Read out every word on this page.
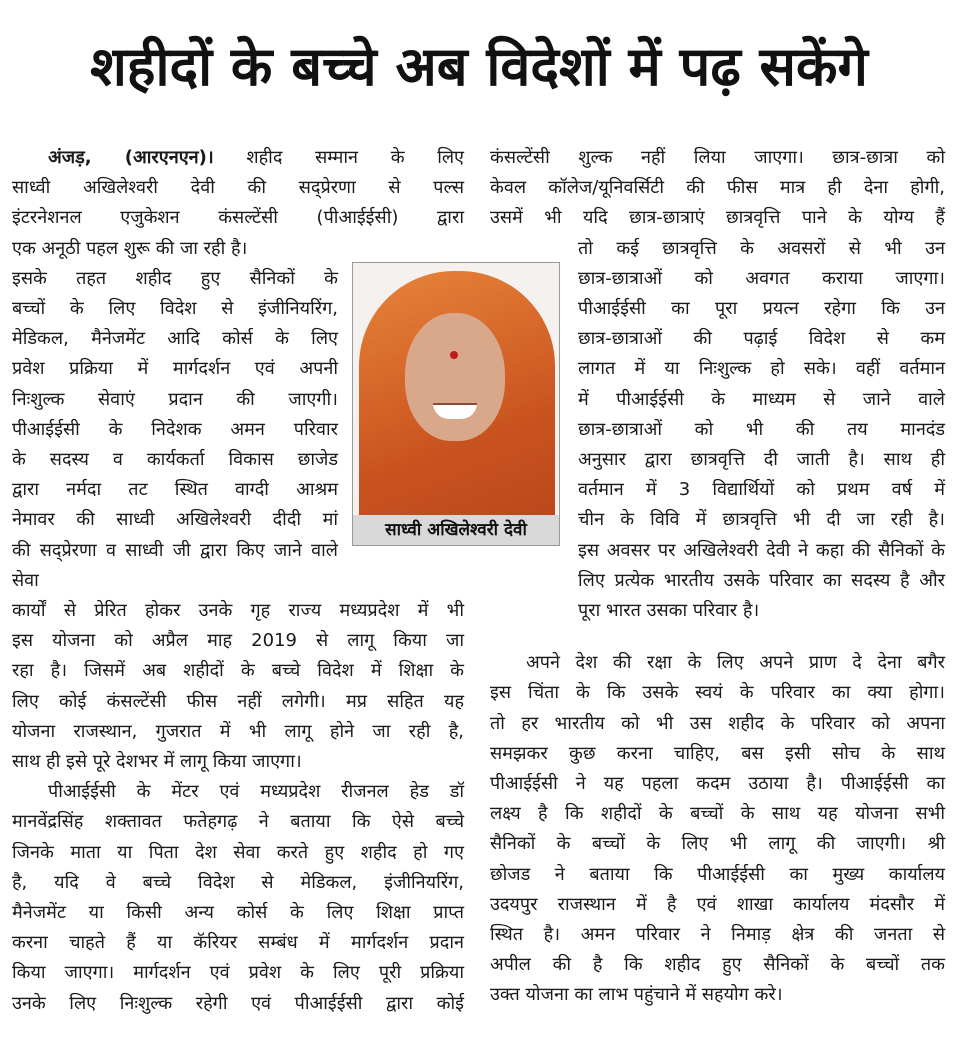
शहीदों के बच्चे अब विदेशों में पढ़ सकेंगे
अंजड़, (आरएनएन)। शहीद सम्मान के लिए
साध्वी अखिलेश्वरी देवी की सद्प्रेरणा से पल्स
इंटरनेशनल एजुकेशन कंसल्टेंसी (पीआईईसी) द्वारा
एक अनूठी पहल शुरू की जा रही है।
इसके तहत शहीद हुए सैनिकों के
बच्चों के लिए विदेश से इंजीनियरिंग,
मेडिकल, मैनेजमेंट आदि कोर्स के लिए
प्रवेश प्रक्रिया में मार्गदर्शन एवं अपनी
निःशुल्क सेवाएं प्रदान की जाएगी।
पीआईईसी के निदेशक अमन परिवार
के सदस्य व कार्यकर्ता विकास छाजेड
द्वारा नर्मदा तट स्थित वाग्दी आश्रम
नेमावर की साध्वी अखिलेश्वरी दीदी मां
की सद्प्रेरणा व साध्वी जी द्वारा किए जाने वाले सेवा
कार्यों से प्रेरित होकर उनके गृह राज्य मध्यप्रदेश में भी
इस योजना को अप्रैल माह 2019 से लागू किया जा
रहा है। जिसमें अब शहीदों के बच्चे विदेश में शिक्षा के
लिए कोई कंसल्टेंसी फीस नहीं लगेगी। मप्र सहित यह
योजना राजस्थान, गुजरात में भी लागू होने जा रही है,
साथ ही इसे पूरे देशभर में लागू किया जाएगा।
पीआईईसी के मेंटर एवं मध्यप्रदेश रीजनल हेड डॉ
मानवेंद्रसिंह शक्तावत फतेहगढ़ ने बताया कि ऐसे बच्चे
जिनके माता या पिता देश सेवा करते हुए शहीद हो गए
है, यदि वे बच्चे विदेश से मेडिकल, इंजीनियरिंग,
मैनेजमेंट या किसी अन्य कोर्स के लिए शिक्षा प्राप्त
करना चाहते हैं या कॅरियर सम्बंध में मार्गदर्शन प्रदान
किया जाएगा। मार्गदर्शन एवं प्रवेश के लिए पूरी प्रक्रिया
उनके लिए निःशुल्क रहेगी एवं पीआईईसी द्वारा कोई
कंसल्टेंसी शुल्क नहीं लिया जाएगा। छात्र-छात्रा को
केवल कॉलेज/यूनिवर्सिटी की फीस मात्र ही देना होगी,
उसमें भी यदि छात्र-छात्राएं छात्रवृत्ति पाने के योग्य हैं
तो कई छात्रवृत्ति के अवसरों से भी उन
छात्र-छात्राओं को अवगत कराया जाएगा।
पीआईईसी का पूरा प्रयत्न रहेगा कि उन
छात्र-छात्राओं की पढ़ाई विदेश से कम
लागत में या निःशुल्क हो सके। वहीं वर्तमान
में पीआईईसी के माध्यम से जाने वाले
छात्र-छात्राओं को भी की तय मानदंड
अनुसार द्वारा छात्रवृत्ति दी जाती है। साथ ही
वर्तमान में 3 विद्यार्थियों को प्रथम वर्ष में
चीन के विवि में छात्रवृत्ति भी दी जा रही है।
इस अवसर पर अखिलेश्वरी देवी ने कहा की सैनिकों के
लिए प्रत्येक भारतीय उसके परिवार का सदस्य है और
पूरा भारत उसका परिवार है।
अपने देश की रक्षा के लिए अपने प्राण दे देना बगैर
इस चिंता के कि उसके स्वयं के परिवार का क्या होगा।
तो हर भारतीय को भी उस शहीद के परिवार को अपना
समझकर कुछ करना चाहिए, बस इसी सोच के साथ
पीआईईसी ने यह पहला कदम उठाया है। पीआईईसी का
लक्ष्य है कि शहीदों के बच्चों के साथ यह योजना सभी
सैनिकों के बच्चों के लिए भी लागू की जाएगी। श्री
छोजड ने बताया कि पीआईईसी का मुख्य कार्यालय
उदयपुर राजस्थान में है एवं शाखा कार्यालय मंदसौर में
स्थित है। अमन परिवार ने निमाड़ क्षेत्र की जनता से
अपील की है कि शहीद हुए सैनिकों के बच्चों तक
उक्त योजना का लाभ पहुंचाने में सहयोग करे।
साध्वी अखिलेश्वरी देवी
